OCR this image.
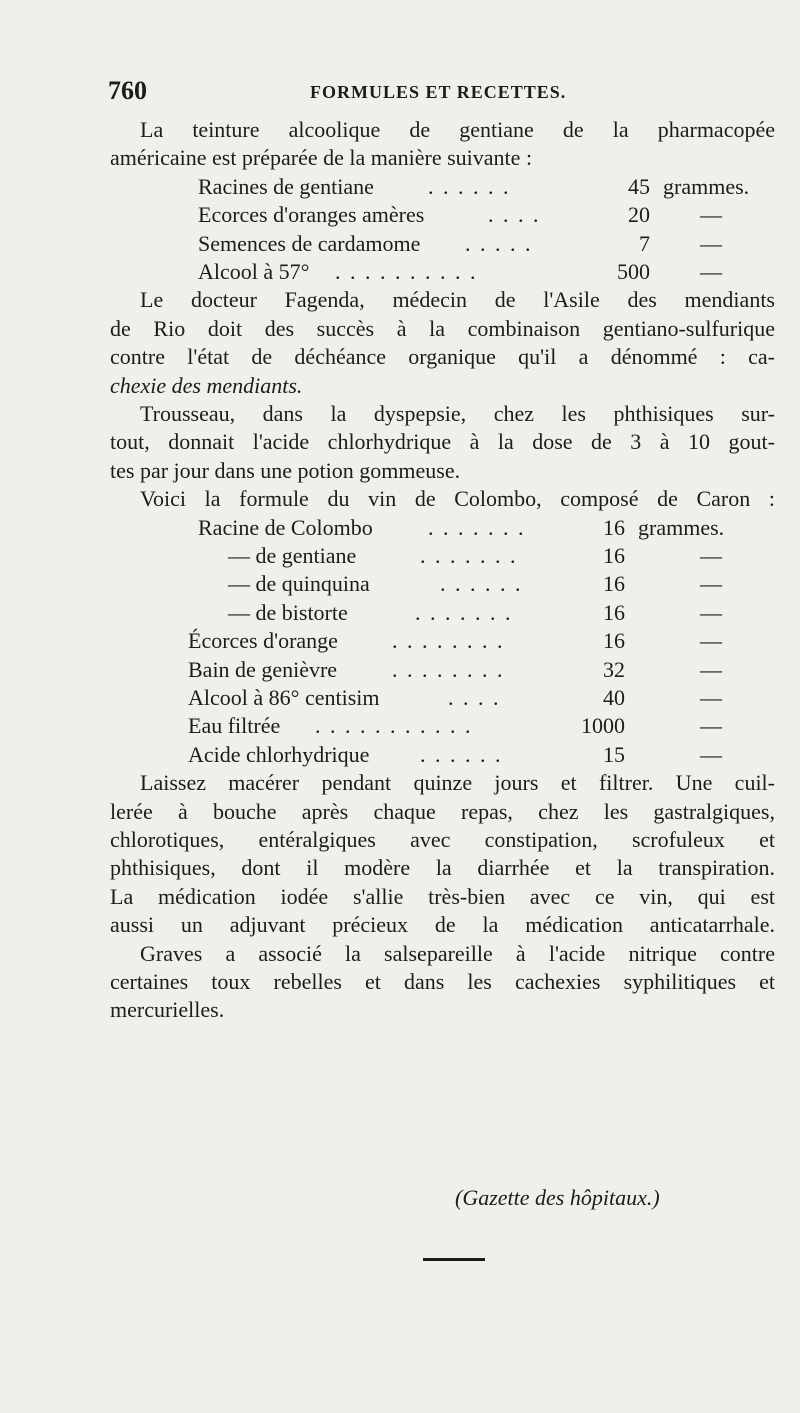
760	FORMULES ET RECETTES.
La teinture alcoolique de gentiane de la pharmacopée
américaine est préparée de la manière suivante :
Racines de gentiane . . . . . .	45 grammes.
Ecorces d'oranges amères	. . . .	20 —
Semences de cardamome . . . . .	7 —
Alcool à 57° . . . . . . . . . .	500 —
Le docteur Fagenda, médecin de l'Asile des mendiants
de Rio doit des succès à la combinaison gentiano-sulfurique
contre l'état de déchéance organique qu'il a dénommé : ca-
chexie des mendiants.
Trousseau, dans la dyspepsie, chez les phthisiques sur-
tout, donnait l'acide chlorhydrique à la dose de 3 à 10 gout-
tes par jour dans une potion gommeuse.
Voici la formule du vin de Colombo, composé de Caron :
Racine de Colombo	. . . . . . .	16 grammes.
— de gentiane	. . . . . . .	16	—
— de quinquina	. . . . . .	16	—
— de bistorte	. . . . . . .	16	—
Écorces d'orange . . . . . . . .	16	—
Bain de genièvre . . . . . . . .	32	—
Alcool à 86° centisim	. . . .	40	—
Eau filtrée . . . . . . . . . . .	1000	—
Acide chlorhydrique . . . . . .	15	—
Laissez macérer pendant quinze jours et filtrer. Une cuil-
lerée à bouche après chaque repas, chez les gastralgiques,
chlorotiques, entéralgiques avec constipation, scrofuleux et
phthisiques, dont il modère la diarrhée et la transpiration.
La médication iodée s'allie très-bien avec ce vin, qui est
aussi un adjuvant précieux de la médication anticatarrhale.
Graves a associé la salsepareille à l'acide nitrique contre
certaines toux rebelles et dans les cachexies syphilitiques et
mercurielles.
(Gazette des hôpitaux.)
